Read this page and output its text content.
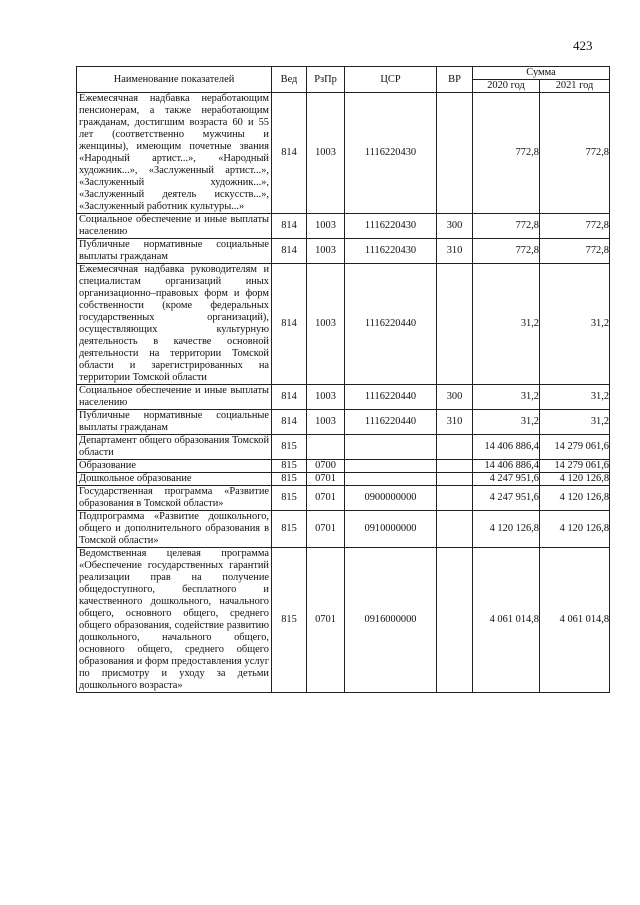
423
Наименование показателей	Вед	РзПр	ЦСР	ВР	Сумма	
					2020 год	2021 год
Ежемесячная надбавка неработающим пенсионерам, а также неработающим гражданам, достигшим возраста 60 и 55 лет (соответственно мужчины и женщины), имеющим почетные звания «Народный артист...», «Народный художник...», «Заслуженный артист...», «Заслуженный художник...», «Заслуженный деятель искусств...», «Заслуженный работник культуры...»	814	1003	1116220430		772,8	772,8
Социальное обеспечение и иные выплаты населению	814	1003	1116220430	300	772,8	772,8
Публичные нормативные социальные выплаты гражданам	814	1003	1116220430	310	772,8	772,8
Ежемесячная надбавка руководителям и специалистам организаций иных организационно–правовых форм и форм собственности (кроме федеральных государственных организаций), осуществляющих культурную деятельность в качестве основной деятельности на территории Томской области и зарегистрированных на территории Томской области	814	1003	1116220440		31,2	31,2
Социальное обеспечение и иные выплаты населению	814	1003	1116220440	300	31,2	31,2
Публичные нормативные социальные выплаты гражданам	814	1003	1116220440	310	31,2	31,2
Департамент общего образования Томской области	815				14 406 886,4	14 279 061,6
Образование	815	0700			14 406 886,4	14 279 061,6
Дошкольное образование	815	0701			4 247 951,6	4 120 126,8
Государственная программа «Развитие образования в Томской области»	815	0701	0900000000		4 247 951,6	4 120 126,8
Подпрограмма «Развитие дошкольного, общего и дополнительного образования в Томской области»	815	0701	0910000000		4 120 126,8	4 120 126,8
Ведомственная целевая программа «Обеспечение государственных гарантий реализации прав на получение общедоступного, бесплатного и качественного дошкольного, начального общего, основного общего, среднего общего образования, содействие развитию дошкольного, начального общего, основного общего, среднего общего образования и форм предоставления услуг по присмотру и уходу за детьми дошкольного возраста»	815	0701	0916000000		4 061 014,8	4 061 014,8
